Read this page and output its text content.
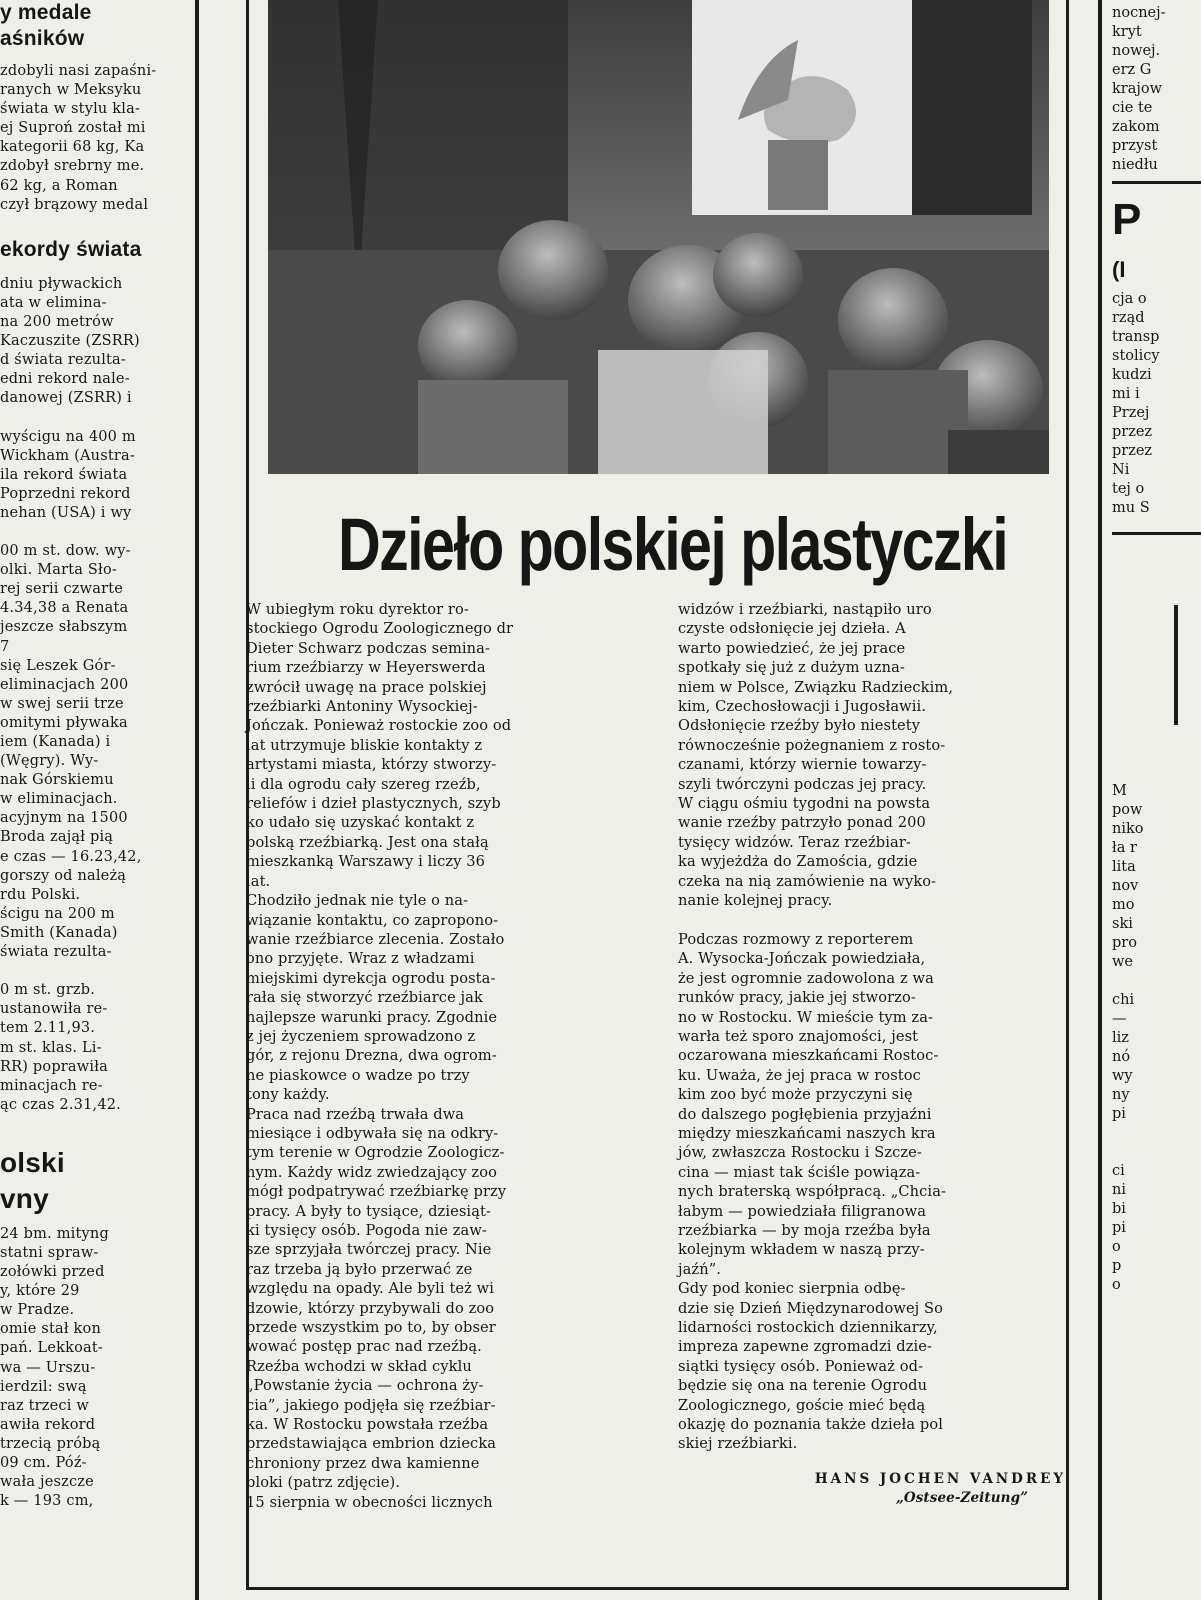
y medale
aśników
zdobyli nasi zapaśni-
ranych w Meksyku
świata w stylu kla-
ej Suproń został mi
kategorii 68 kg, Ka
zdobył srebrny me.
62 kg, a Roman
czył brązowy medal
ekordy świata
dniu pływackich
ata w elimina-
na 200 metrów
Kaczuszite (ZSRR)
d świata rezulta-
edni rekord nale-
danowej (ZSRR) i

wyścigu na 400 m
Wickham (Austra-
ila rekord świata
Poprzedni rekord
nehan (USA) i wy

00 m st. dow. wy-
olki. Marta Sło-
rej serii czwarte
4.34,38 a Renata
jeszcze słabszym
7
się Leszek Gór-
eliminacjach 200
w swej serii trze
omitymi pływaka
iem (Kanada) i
(Węgry). Wy-
nak Górskiemu
w eliminacjach.
acyjnym na 1500
Broda zajął pią
e czas — 16.23,42,
gorszy od należą
rdu Polski.
ścigu na 200 m
Smith (Kanada)
świata rezulta-

0 m st. grzb.
ustanowiła re-
tem 2.11,93.
m st. klas. Li-
RR) poprawiła
minacjach re-
ąc czas 2.31,42.
olski
vny
24 bm. mityng
statni spraw-
zołówki przed
y, które 29
w Pradze.
omie stał kon
pań. Lekkoat-
wa — Urszu-
ierdzil: swą
raz trzeci w
awiła rekord
trzecią próbą
09 cm. Póź-
wała jeszcze
k — 193 cm,
Dzieło polskiej plastyczki
W ubiegłym roku dyrektor ro-
stockiego Ogrodu Zoologicznego dr
Dieter Schwarz podczas semina-
rium rzeźbiarzy w Heyerswerda
zwrócił uwagę na prace polskiej
rzeźbiarki Antoniny Wysockiej-
Jończak. Ponieważ rostockie zoo od
lat utrzymuje bliskie kontakty z
artystami miasta, którzy stworzy-
li dla ogrodu cały szereg rzeźb,
reliefów i dzieł plastycznych, szyb
ko udało się uzyskać kontakt z
polską rzeźbiarką. Jest ona stałą
mieszkanką Warszawy i liczy 36
lat.
Chodziło jednak nie tyle o na-
wiązanie kontaktu, co zapropono-
wanie rzeźbiarce zlecenia. Zostało
ono przyjęte. Wraz z władzami
miejskimi dyrekcja ogrodu posta-
rała się stworzyć rzeźbiarce jak
najlepsze warunki pracy. Zgodnie
z jej życzeniem sprowadzono z
gór, z rejonu Drezna, dwa ogrom-
ne piaskowce o wadze po trzy
tony każdy.
Praca nad rzeźbą trwała dwa
miesiące i odbywała się na odkry-
tym terenie w Ogrodzie Zoologicz-
nym. Każdy widz zwiedzający zoo
mógł podpatrywać rzeźbiarkę przy
pracy. A były to tysiące, dziesiąt-
ki tysięcy osób. Pogoda nie zaw-
sze sprzyjała twórczej pracy. Nie
raz trzeba ją było przerwać ze
względu na opady. Ale byli też wi
dzowie, którzy przybywali do zoo
przede wszystkim po to, by obser
wować postęp prac nad rzeźbą.
Rzeźba wchodzi w skład cyklu
„Powstanie życia — ochrona ży-
cia”, jakiego podjęła się rzeźbiar-
ka. W Rostocku powstała rzeźba
przedstawiająca embrion dziecka
chroniony przez dwa kamienne
bloki (patrz zdjęcie).
15 sierpnia w obecności licznych
widzów i rzeźbiarki, nastąpiło uro
czyste odsłonięcie jej dzieła. A
warto powiedzieć, że jej prace
spotkały się już z dużym uzna-
niem w Polsce, Związku Radzieckim,
kim, Czechosłowacji i Jugosławii.
Odsłonięcie rzeźby było niestety
równocześnie pożegnaniem z rosto-
czanami, którzy wiernie towarzy-
szyli twórczyni podczas jej pracy.
W ciągu ośmiu tygodni na powsta
wanie rzeźby patrzyło ponad 200
tysięcy widzów. Teraz rzeźbiar-
ka wyjeżdża do Zamościa, gdzie
czeka na nią zamówienie na wyko-
nanie kolejnej pracy.

Podczas rozmowy z reporterem
A. Wysocka-Jończak powiedziała,
że jest ogromnie zadowolona z wa
runków pracy, jakie jej stworzo-
no w Rostocku. W mieście tym za-
warła też sporo znajomości, jest
oczarowana mieszkańcami Rostoc-
ku. Uważa, że jej praca w rostoc
kim zoo być może przyczyni się
do dalszego pogłębienia przyjaźni
między mieszkańcami naszych kra
jów, zwłaszcza Rostocku i Szcze-
cina — miast tak ściśle powiąza-
nych braterską współpracą. „Chcia-
łabym — powiedziała filigranowa
rzeźbiarka — by moja rzeźba była
kolejnym wkładem w naszą przy-
jaźń”.
Gdy pod koniec sierpnia odbę-
dzie się Dzień Międzynarodowej So
lidarności rostockich dziennikarzy,
impreza zapewne zgromadzi dzie-
siątki tysięcy osób. Ponieważ od-
będzie się ona na terenie Ogrodu
Zoologicznego, goście mieć będą
okazję do poznania także dzieła pol
skiej rzeźbiarki.
HANS JOCHEN VANDREY
„Ostsee-Zeitung”
nocnej-
kryt
nowej.
erz G
krajow
cie te
zakom
przyst
niedłu
P
(I
cja o
rząd
transp
stolicy
kudzi
mi i
Przej
przez
przez
Ni
tej o
mu S

M
pow
niko
ła r
lita
nov
mo
ski
pro
we

chi
—
liz
nó
wy
ny
pi

ci
ni
bi
pi
o
p
o
